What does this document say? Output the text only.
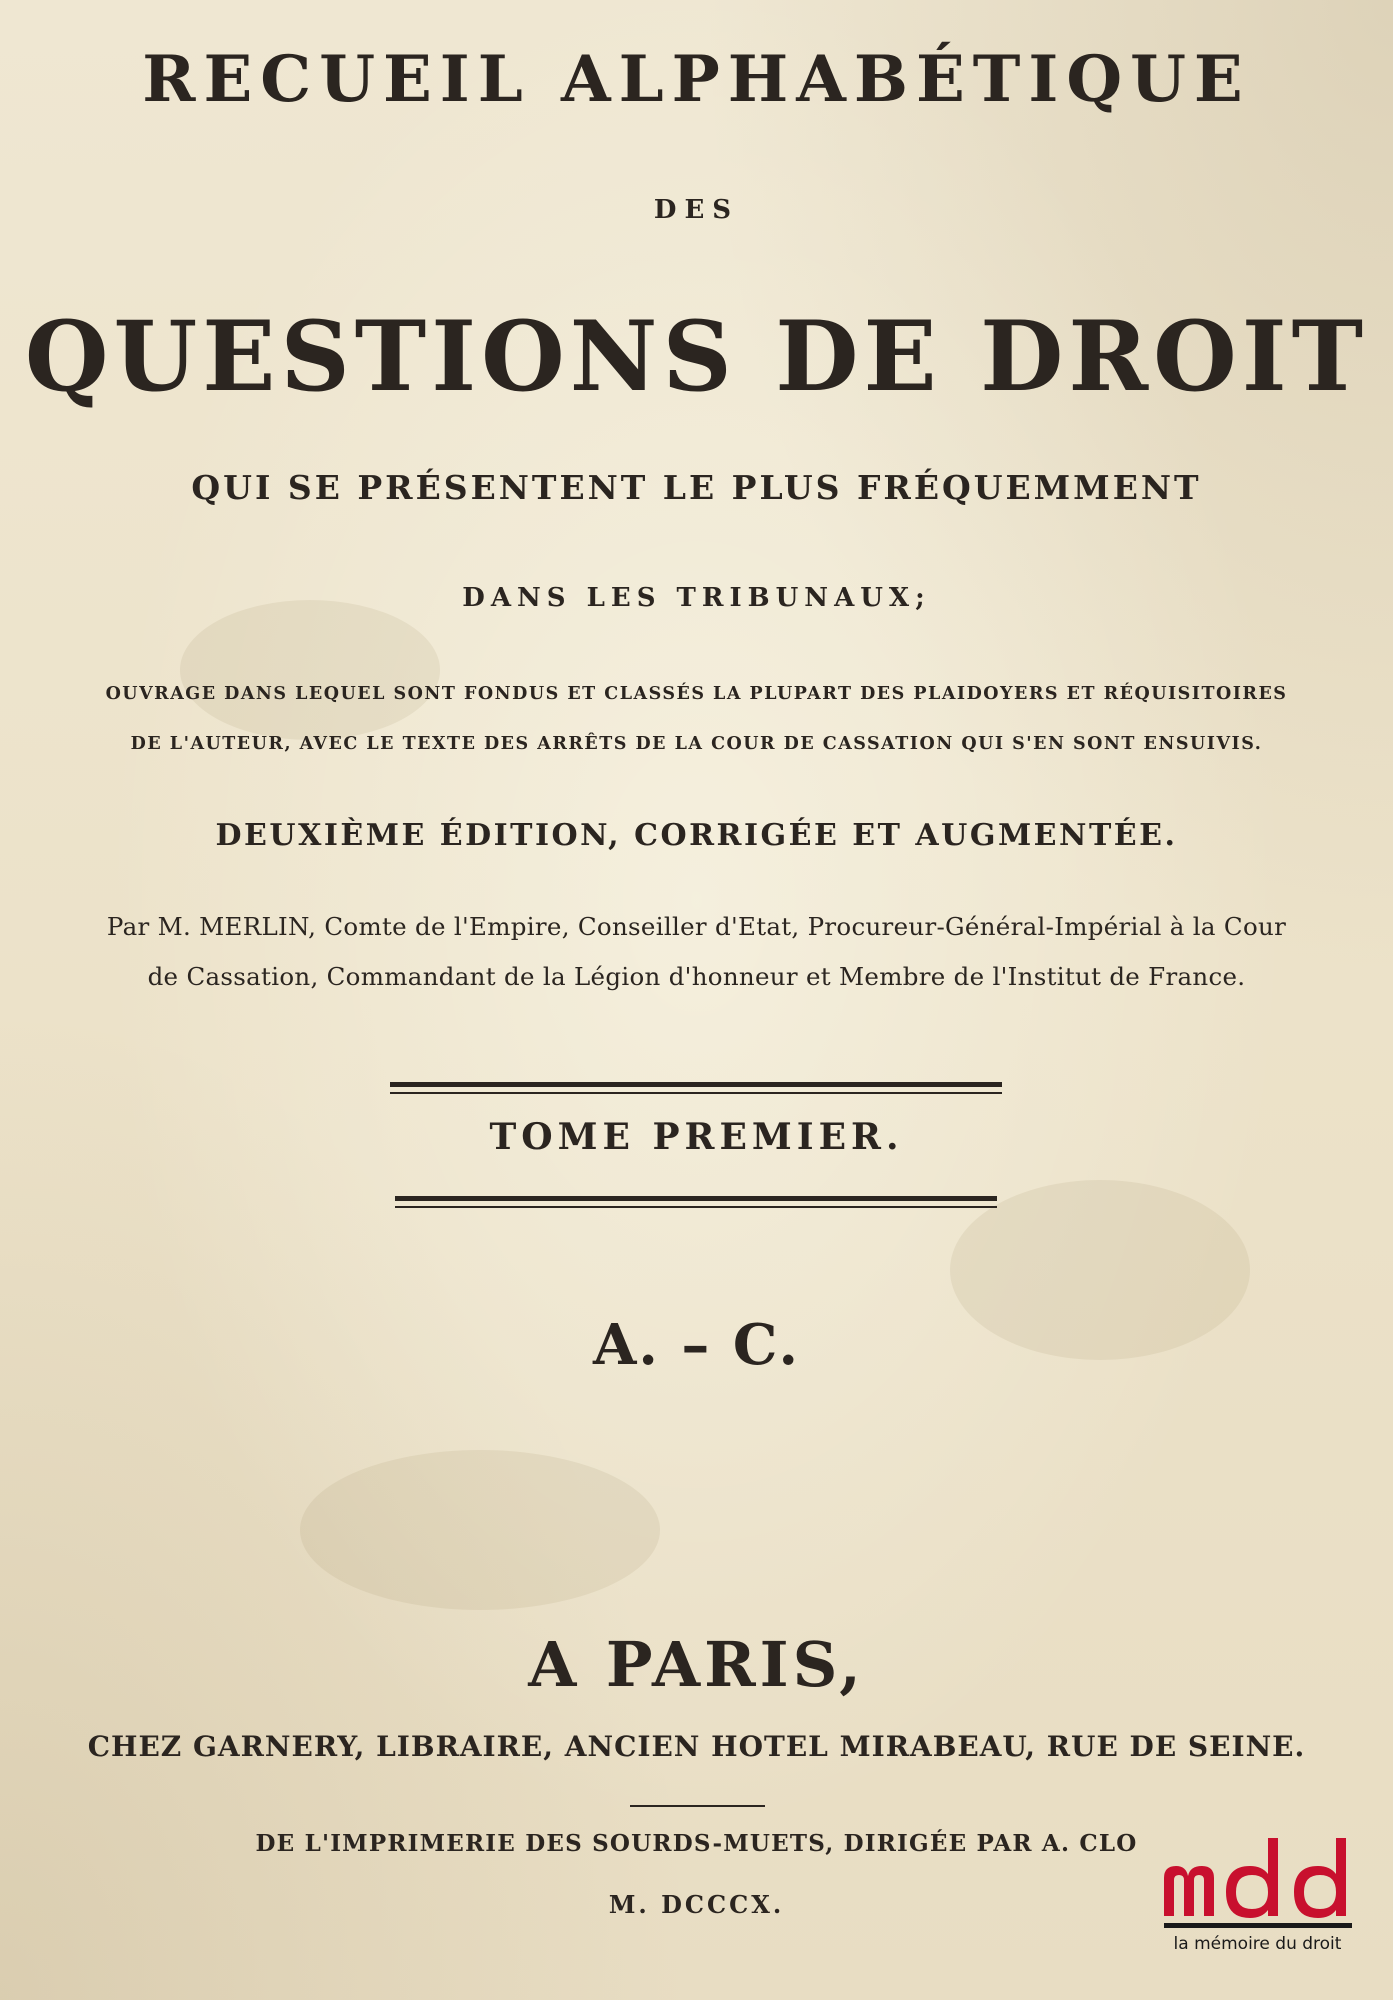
RECUEIL ALPHABÉTIQUE
DES
QUESTIONS DE DROIT
QUI SE PRÉSENTENT LE PLUS FRÉQUEMMENT
DANS LES TRIBUNAUX;
OUVRAGE DANS LEQUEL SONT FONDUS ET CLASSÉS LA PLUPART DES PLAIDOYERS ET RÉQUISITOIRES
DE L'AUTEUR, AVEC LE TEXTE DES ARRÊTS DE LA COUR DE CASSATION QUI S'EN SONT ENSUIVIS.
DEUXIÈME ÉDITION, CORRIGÉE ET AUGMENTÉE.
Par M. MERLIN, Comte de l'Empire, Conseiller d'Etat, Procureur-Général-Impérial à la Cour
de Cassation, Commandant de la Légion d'honneur et Membre de l'Institut de France.
TOME PREMIER.
A. – C.
A PARIS,
CHEZ GARNERY, LIBRAIRE, ANCIEN HOTEL MIRABEAU, RUE DE SEINE.
DE L'IMPRIMERIE DES SOURDS-MUETS, DIRIGÉE PAR A. CLO
M. DCCCX.
la mémoire du droit
